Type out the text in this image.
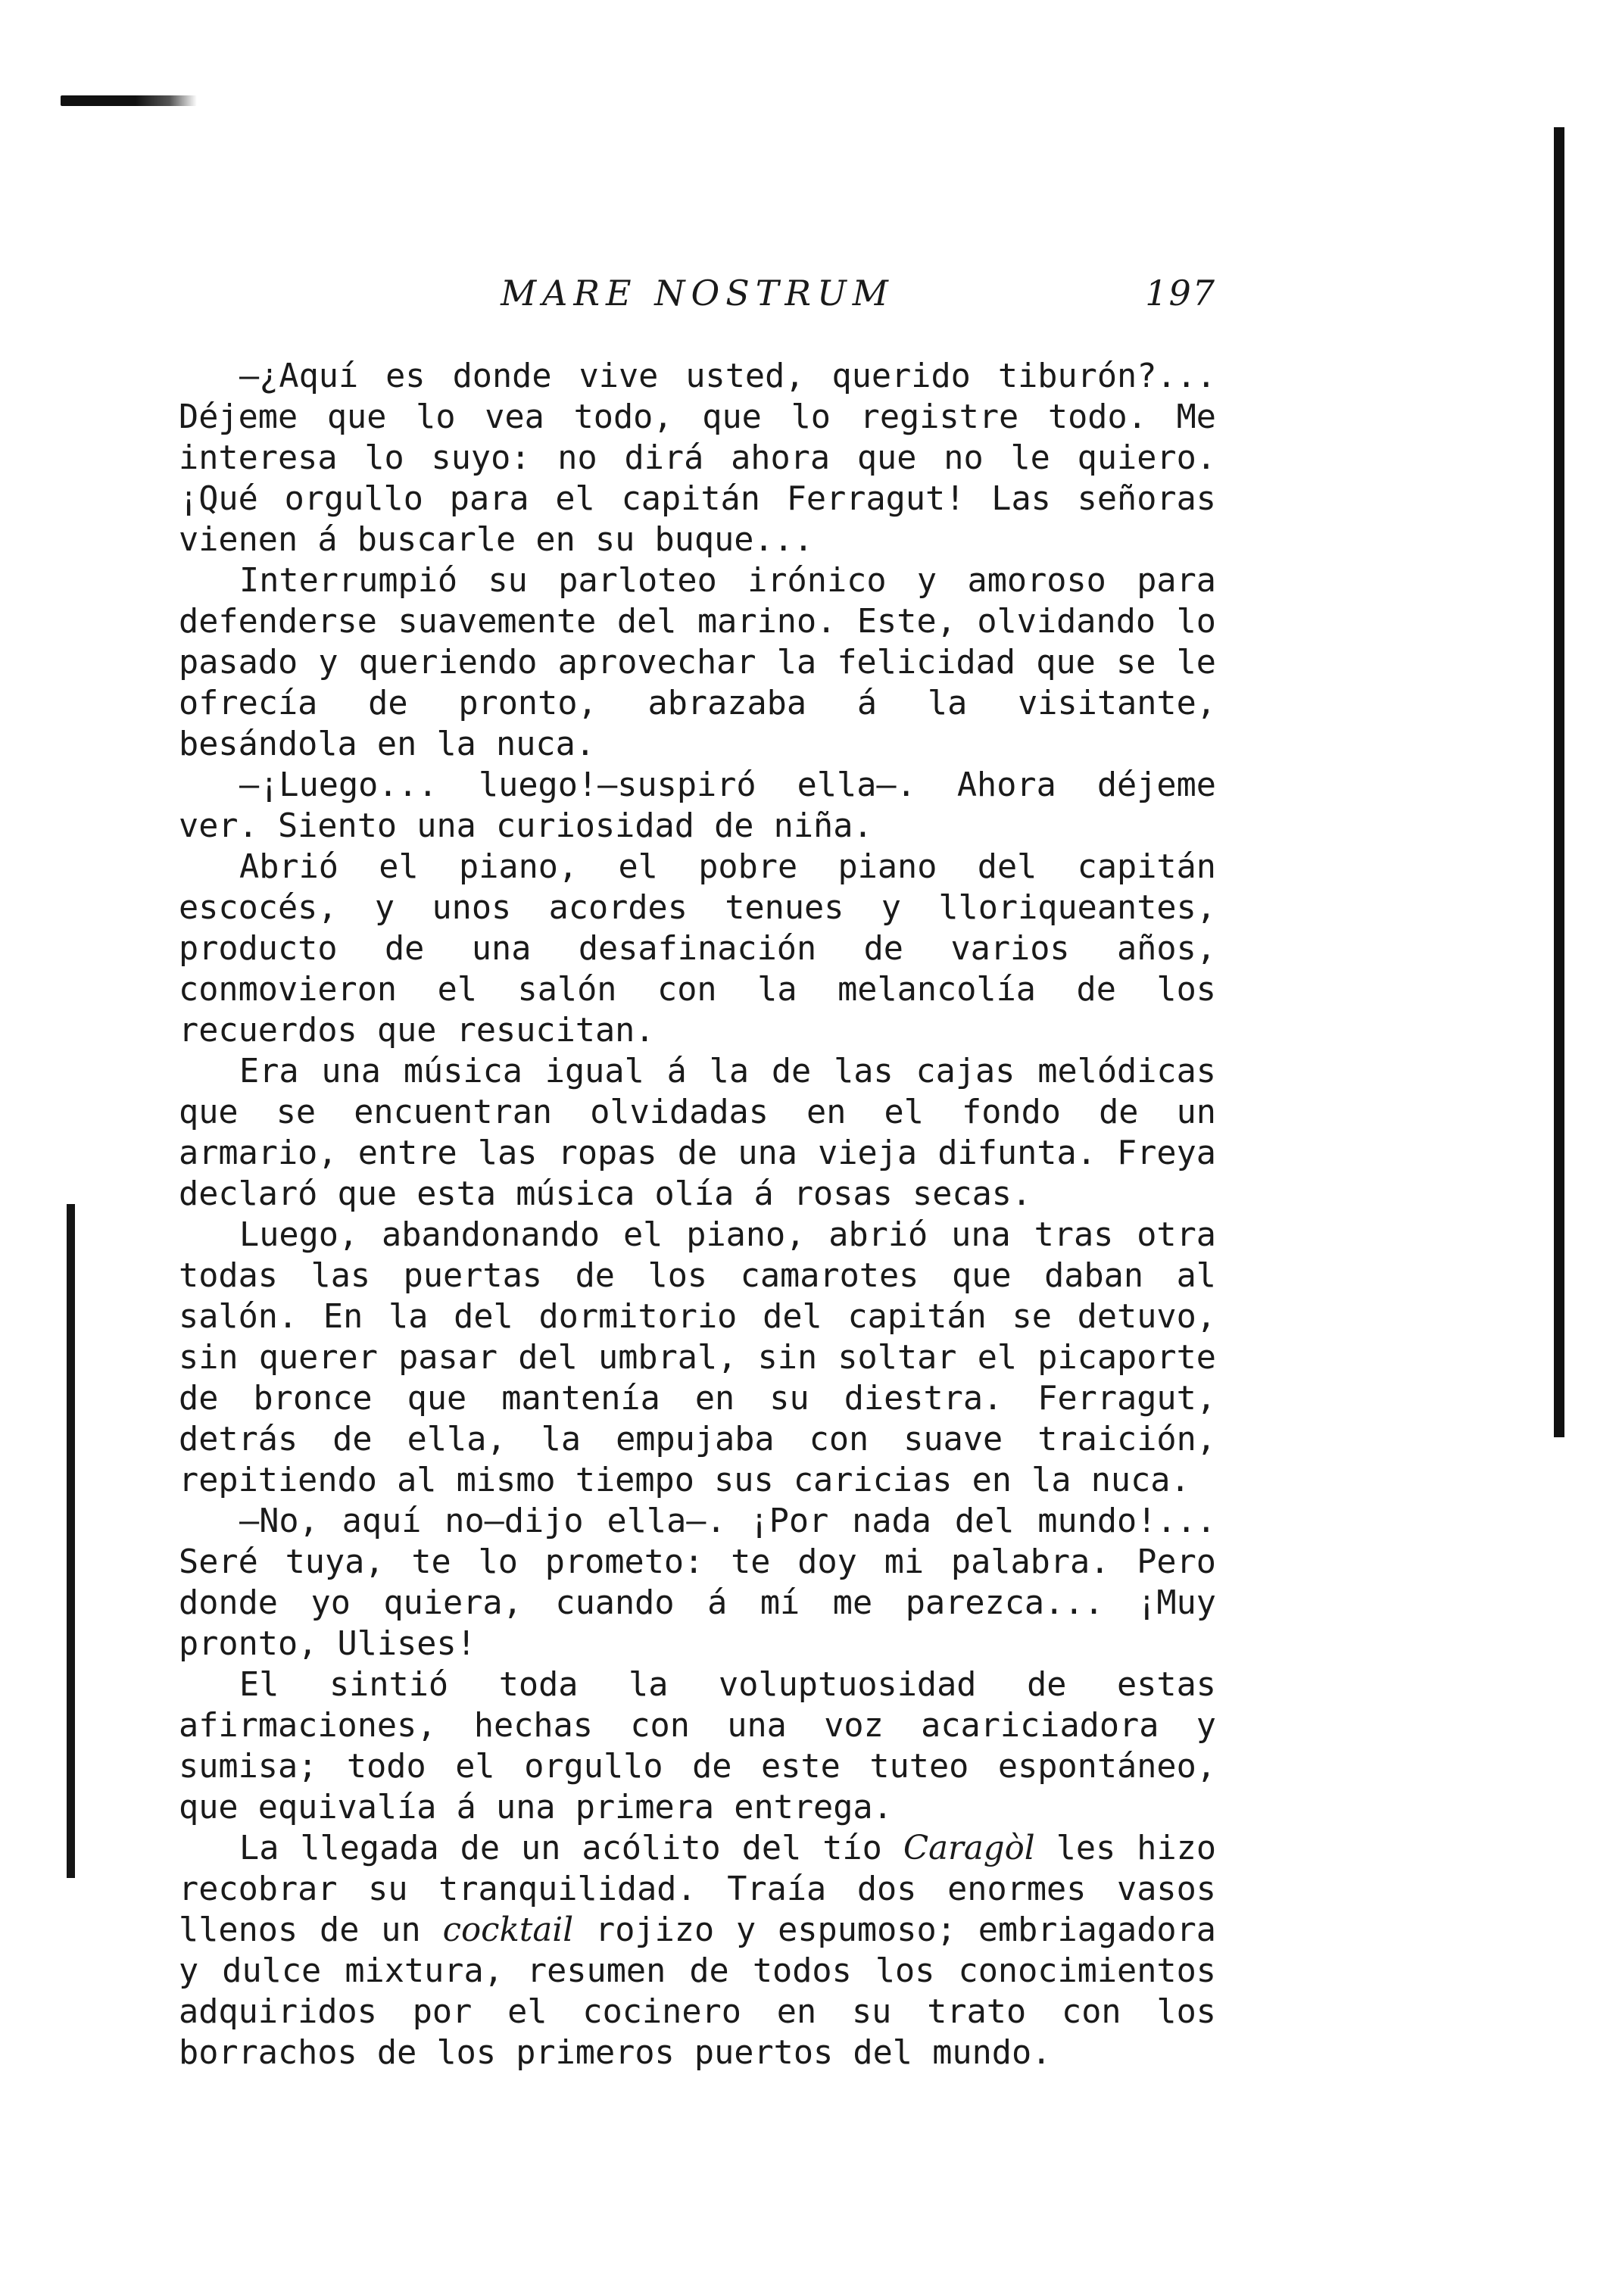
MARE NOSTRUM	197

—¿Aquí es donde vive usted, querido tiburón?... Déjeme que lo vea todo, que lo registre todo. Me interesa lo suyo: no dirá ahora que no le quiero. ¡Qué orgullo para el capitán Ferragut! Las señoras vienen á buscarle en su buque...

Interrumpió su parloteo irónico y amoroso para defenderse suavemente del marino. Este, olvidando lo pasado y queriendo aprovechar la felicidad que se le ofrecía de pronto, abrazaba á la visitante, besándola en la nuca.

—¡Luego... luego!—suspiró ella—. Ahora déjeme ver. Siento una curiosidad de niña.

Abrió el piano, el pobre piano del capitán escocés, y unos acordes tenues y lloriqueantes, producto de una desafinación de varios años, conmovieron el salón con la melancolía de los recuerdos que resucitan.

Era una música igual á la de las cajas melódicas que se encuentran olvidadas en el fondo de un armario, entre las ropas de una vieja difunta. Freya declaró que esta música olía á rosas secas.

Luego, abandonando el piano, abrió una tras otra todas las puertas de los camarotes que daban al salón. En la del dormitorio del capitán se detuvo, sin querer pasar del umbral, sin soltar el picaporte de bronce que mantenía en su diestra. Ferragut, detrás de ella, la empujaba con suave traición, repitiendo al mismo tiempo sus caricias en la nuca.

—No, aquí no—dijo ella—. ¡Por nada del mundo!... Seré tuya, te lo prometo: te doy mi palabra. Pero donde yo quiera, cuando á mí me parezca... ¡Muy pronto, Ulises!

El sintió toda la voluptuosidad de estas afirmaciones, hechas con una voz acariciadora y sumisa; todo el orgullo de este tuteo espontáneo, que equivalía á una primera entrega.

La llegada de un acólito del tío Caragòl les hizo recobrar su tranquilidad. Traía dos enormes vasos llenos de un cocktail rojizo y espumoso; embriagadora y dulce mixtura, resumen de todos los conocimientos adquiridos por el cocinero en su trato con los borrachos de los primeros puertos del mundo.
